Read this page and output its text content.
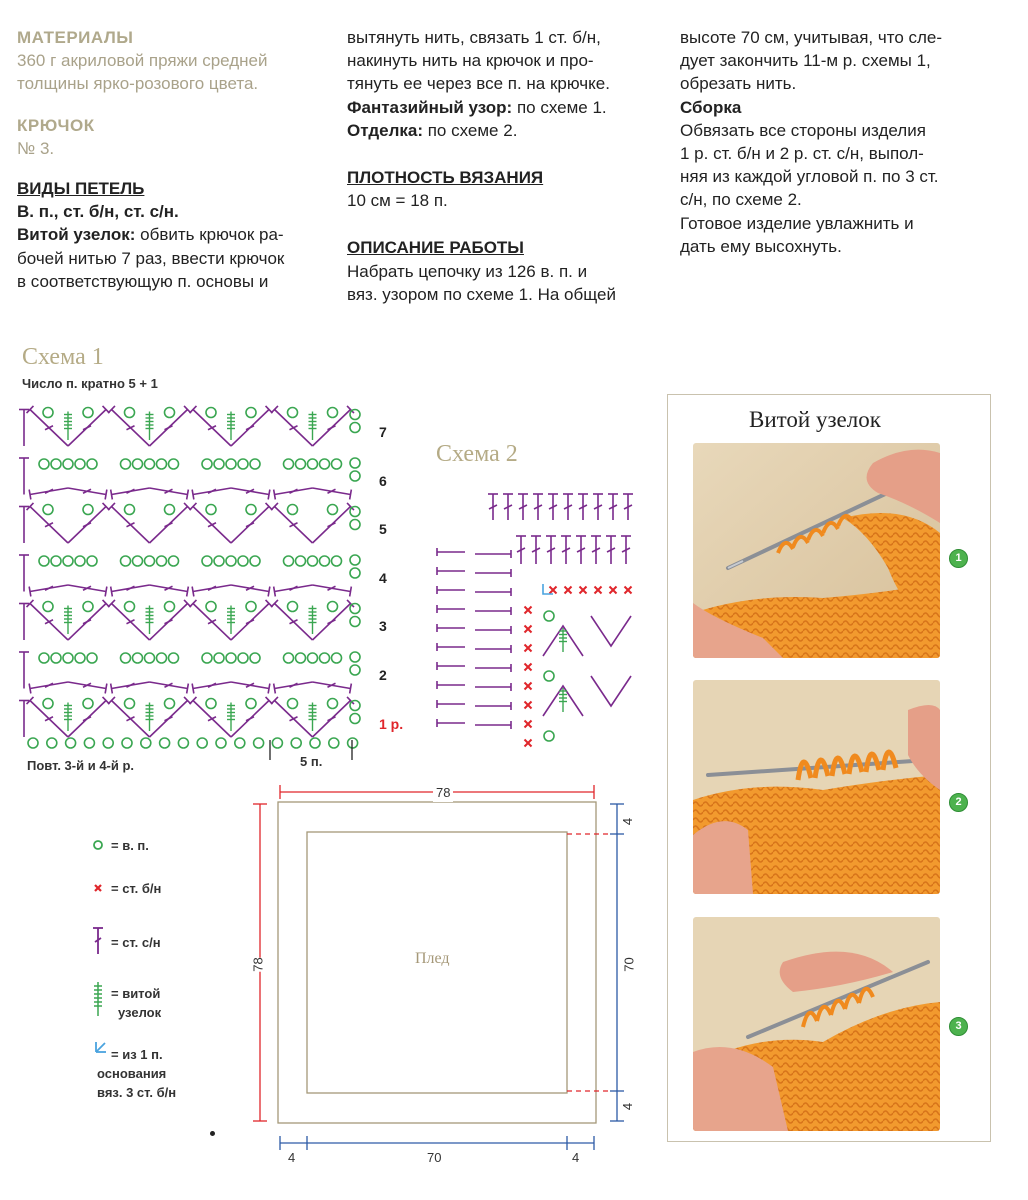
МАТЕРИАЛЫ
360 г акриловой пряжи средней
толщины ярко-розового цвета.
КРЮЧОК
№ 3.
ВИДЫ ПЕТЕЛЬ
В. п., ст. б/н, ст. с/н.
Витой узелок: обвить крючок ра-
бочей нитью 7 раз, ввести крючок
в соответствующую п. основы и
вытянуть нить, связать 1 ст. б/н,
накинуть нить на крючок и про-
тянуть ее через все п. на крючке.
Фантазийный узор: по схеме 1.
Отделка: по схеме 2.
ПЛОТНОСТЬ ВЯЗАНИЯ
10 см = 18 п.
ОПИСАНИЕ РАБОТЫ
Набрать цепочку из 126 в. п. и
вяз. узором по схеме 1. На общей
высоте 70 см, учитывая, что сле-
дует закончить 11-м р. схемы 1,
обрезать нить.
Сборка
Обвязать все стороны изделия
1 р. ст. б/н и 2 р. ст. с/н, выпол-
няя из каждой угловой п. по 3 ст.
с/н, по схеме 2.
Готовое изделие увлажнить и
дать ему высохнуть.
Схема 1
Число п. кратно 5 + 1
7
6
5
4
3
2
1 р.
5 п.
Повт. 3-й и 4-й р.
Схема 2
= в. п.
= ст. б/н
= ст. с/н
= витой
узелок
= из 1 п.
основания
вяз. 3 ст. б/н
78
78
4
70
4
4	70	4
Плед
Витой узелок
1
2
3
